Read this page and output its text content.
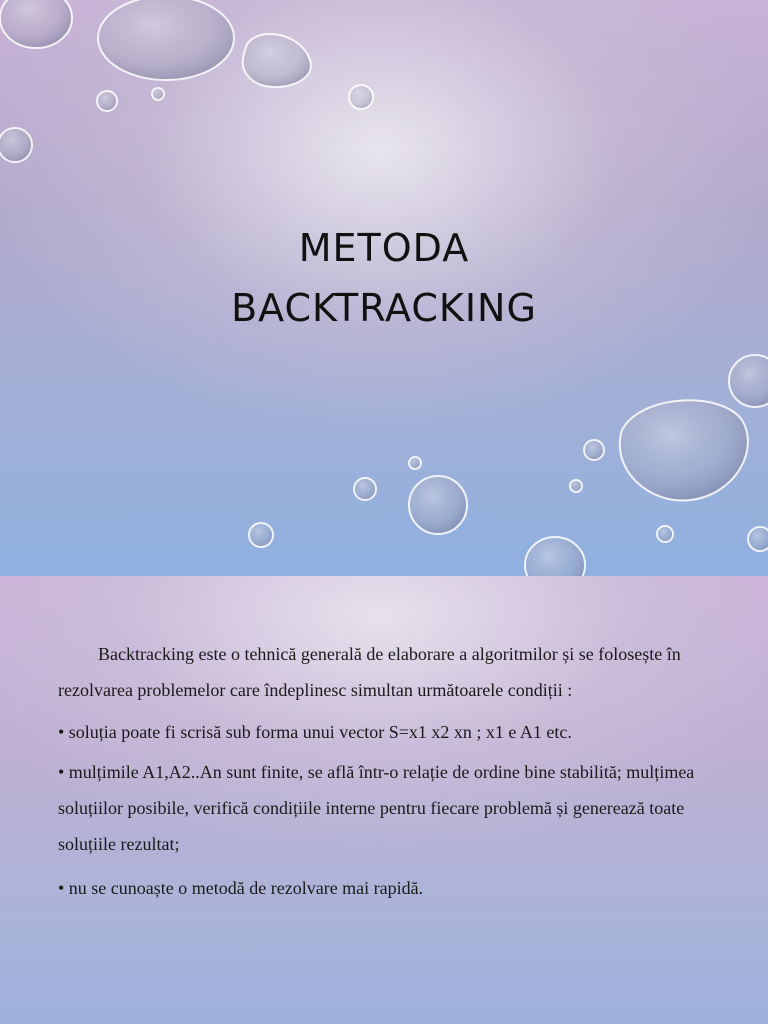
METODA
BACKTRACKING

Backtracking este o tehnică generală de elaborare a algoritmilor și se folosește în rezolvarea problemelor care îndeplinesc simultan următoarele condiții :

• soluția poate fi scrisă sub forma unui vector S=x1 x2 xn ; x1 e A1 etc.

• mulțimile A1,A2..An sunt finite, se află într-o relație de ordine bine stabilită; mulțimea soluțiilor posibile, verifică condițiile interne pentru fiecare problemă și generează toate soluțiile rezultat;

• nu se cunoaște o metodă de rezolvare mai rapidă.
